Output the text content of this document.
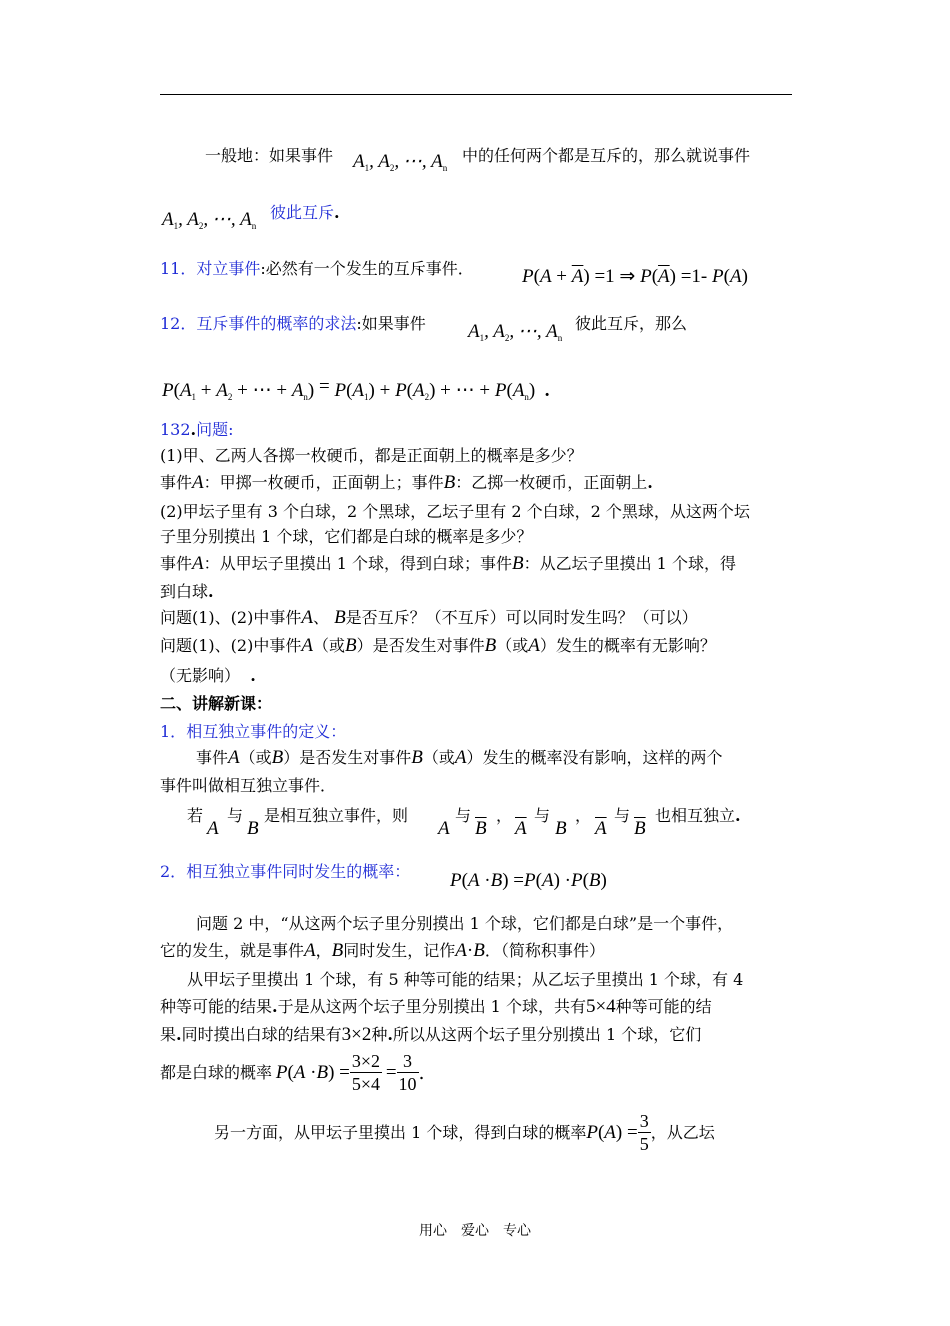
一般地：如果事件 $A_1$, $A_2$, ⋯, $A_n$
中的任何两个都是互斥的，那么就说事件
$A_1$, $A_2$, ⋯, $A_n$
彼此互斥.
11．对立事件:必然有一个发生的互斥事件．	$P(A + \overline{A}) =1$ ⇒ $P(\overline{A}) =1-$ P(A)
12．互斥事件的概率的求法:如果事件 $A_1$, $A_2$, ⋯, $A_n$
彼此互斥，那么
$P(A_1 + A_2$ + ⋯ + $A_n) = P(A_1) + P(A_2)$ + ⋯ + $P(A_n)$  .
132.问题:
(1)甲、乙两人各掷一枚硬币，都是正面朝上的概率是多少？
事件A：甲掷一枚硬币，正面朝上；事件B：乙掷一枚硬币，正面朝上.
(2)甲坛子里有 3 个白球，2 个黑球，乙坛子里有 2 个白球，2 个黑球，从这两个坛
子里分别摸出 1 个球，它们都是白球的概率是多少？
事件A：从甲坛子里摸出 1 个球，得到白球；事件B：从乙坛子里摸出 1 个球，得
到白球.
问题(1)、(2)中事件A、 B是否互斥？（不互斥）可以同时发生吗？（可以）
问题(1)、(2)中事件A（或B）是否发生对事件B（或A）发生的概率有无影响？
（无影响） .
二、讲解新课：
1．相互独立事件的定义：
事件A（或B）是否发生对事件B（或A）发生的概率没有影响，这样的两个
事件叫做相互独立事件．
若
A
与
B
是相互独立事件，则
A
与
$\overline{B}$
，
$\overline{A}$
与
B
，
$\overline{A}$
与
$\overline{B}$
也相互独立.
2．相互独立事件同时发生的概率： P(A ·B) =P(A) ·P(B)
问题 2 中，“从这两个坛子里分别摸出 1 个球，它们都是白球”是一个事件，
它的发生，就是事件A，B同时发生，记作A·B．（简称积事件）
从甲坛子里摸出 1 个球，有 5 种等可能的结果；从乙坛子里摸出 1 个球，有 4
种等可能的结果.于是从这两个坛子里分别摸出 1 个球，共有5×4种等可能的结
果.同时摸出白球的结果有3×2种.所以从这两个坛子里分别摸出 1 个球，它们
都是白球的概率  $P(A \cdot B) = \frac{3\times 2}{5\times 4} = \frac{3}{10}$ .
另一方面，从甲坛子里摸出 1 个球，得到白球的概率$P(A) = \frac{3}{5}$ ，从乙坛
用心　爱心　专心
